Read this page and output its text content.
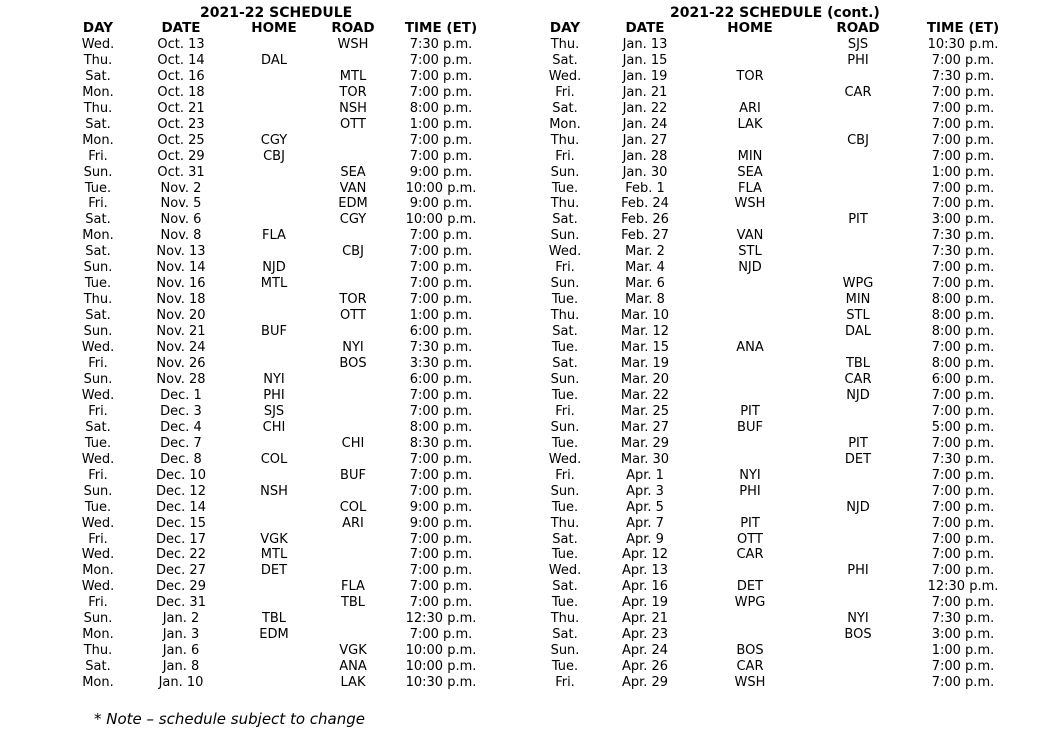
2021-22 SCHEDULE
DAY	DATE	HOME	ROAD	TIME (ET)
Wed.	Oct. 13		WSH	7:30 p.m.
Thu.	Oct. 14	DAL		7:00 p.m.
Sat.	Oct. 16		MTL	7:00 p.m.
Mon.	Oct. 18		TOR	7:00 p.m.
Thu.	Oct. 21		NSH	8:00 p.m.
Sat.	Oct. 23		OTT	1:00 p.m.
Mon.	Oct. 25	CGY		7:00 p.m.
Fri.	Oct. 29	CBJ		7:00 p.m.
Sun.	Oct. 31		SEA	9:00 p.m.
Tue.	Nov. 2		VAN	10:00 p.m.
Fri.	Nov. 5		EDM	9:00 p.m.
Sat.	Nov. 6		CGY	10:00 p.m.
Mon.	Nov. 8	FLA		7:00 p.m.
Sat.	Nov. 13		CBJ	7:00 p.m.
Sun.	Nov. 14	NJD		7:00 p.m.
Tue.	Nov. 16	MTL		7:00 p.m.
Thu.	Nov. 18		TOR	7:00 p.m.
Sat.	Nov. 20		OTT	1:00 p.m.
Sun.	Nov. 21	BUF		6:00 p.m.
Wed.	Nov. 24		NYI	7:30 p.m.
Fri.	Nov. 26		BOS	3:30 p.m.
Sun.	Nov. 28	NYI		6:00 p.m.
Wed.	Dec. 1	PHI		7:00 p.m.
Fri.	Dec. 3	SJS		7:00 p.m.
Sat.	Dec. 4	CHI		8:00 p.m.
Tue.	Dec. 7		CHI	8:30 p.m.
Wed.	Dec. 8	COL		7:00 p.m.
Fri.	Dec. 10		BUF	7:00 p.m.
Sun.	Dec. 12	NSH		7:00 p.m.
Tue.	Dec. 14		COL	9:00 p.m.
Wed.	Dec. 15		ARI	9:00 p.m.
Fri.	Dec. 17	VGK		7:00 p.m.
Wed.	Dec. 22	MTL		7:00 p.m.
Mon.	Dec. 27	DET		7:00 p.m.
Wed.	Dec. 29		FLA	7:00 p.m.
Fri.	Dec. 31		TBL	7:00 p.m.
Sun.	Jan. 2	TBL		12:30 p.m.
Mon.	Jan. 3	EDM		7:00 p.m.
Thu.	Jan. 6		VGK	10:00 p.m.
Sat.	Jan. 8		ANA	10:00 p.m.
Mon.	Jan. 10		LAK	10:30 p.m.
2021-22 SCHEDULE (cont.)
DAY	DATE	HOME	ROAD	TIME (ET)
Thu.	Jan. 13		SJS	10:30 p.m.
Sat.	Jan. 15		PHI	7:00 p.m.
Wed.	Jan. 19	TOR		7:30 p.m.
Fri.	Jan. 21		CAR	7:00 p.m.
Sat.	Jan. 22	ARI		7:00 p.m.
Mon.	Jan. 24	LAK		7:00 p.m.
Thu.	Jan. 27		CBJ	7:00 p.m.
Fri.	Jan. 28	MIN		7:00 p.m.
Sun.	Jan. 30	SEA		1:00 p.m.
Tue.	Feb. 1	FLA		7:00 p.m.
Thu.	Feb. 24	WSH		7:00 p.m.
Sat.	Feb. 26		PIT	3:00 p.m.
Sun.	Feb. 27	VAN		7:30 p.m.
Wed.	Mar. 2	STL		7:30 p.m.
Fri.	Mar. 4	NJD		7:00 p.m.
Sun.	Mar. 6		WPG	7:00 p.m.
Tue.	Mar. 8		MIN	8:00 p.m.
Thu.	Mar. 10		STL	8:00 p.m.
Sat.	Mar. 12		DAL	8:00 p.m.
Tue.	Mar. 15	ANA		7:00 p.m.
Sat.	Mar. 19		TBL	8:00 p.m.
Sun.	Mar. 20		CAR	6:00 p.m.
Tue.	Mar. 22		NJD	7:00 p.m.
Fri.	Mar. 25	PIT		7:00 p.m.
Sun.	Mar. 27	BUF		5:00 p.m.
Tue.	Mar. 29		PIT	7:00 p.m.
Wed.	Mar. 30		DET	7:30 p.m.
Fri.	Apr. 1	NYI		7:00 p.m.
Sun.	Apr. 3	PHI		7:00 p.m.
Tue.	Apr. 5		NJD	7:00 p.m.
Thu.	Apr. 7	PIT		7:00 p.m.
Sat.	Apr. 9	OTT		7:00 p.m.
Tue.	Apr. 12	CAR		7:00 p.m.
Wed.	Apr. 13		PHI	7:00 p.m.
Sat.	Apr. 16	DET		12:30 p.m.
Tue.	Apr. 19	WPG		7:00 p.m.
Thu.	Apr. 21		NYI	7:30 p.m.
Sat.	Apr. 23		BOS	3:00 p.m.
Sun.	Apr. 24	BOS		1:00 p.m.
Tue.	Apr. 26	CAR		7:00 p.m.
Fri.	Apr. 29	WSH		7:00 p.m.
* Note – schedule subject to change
